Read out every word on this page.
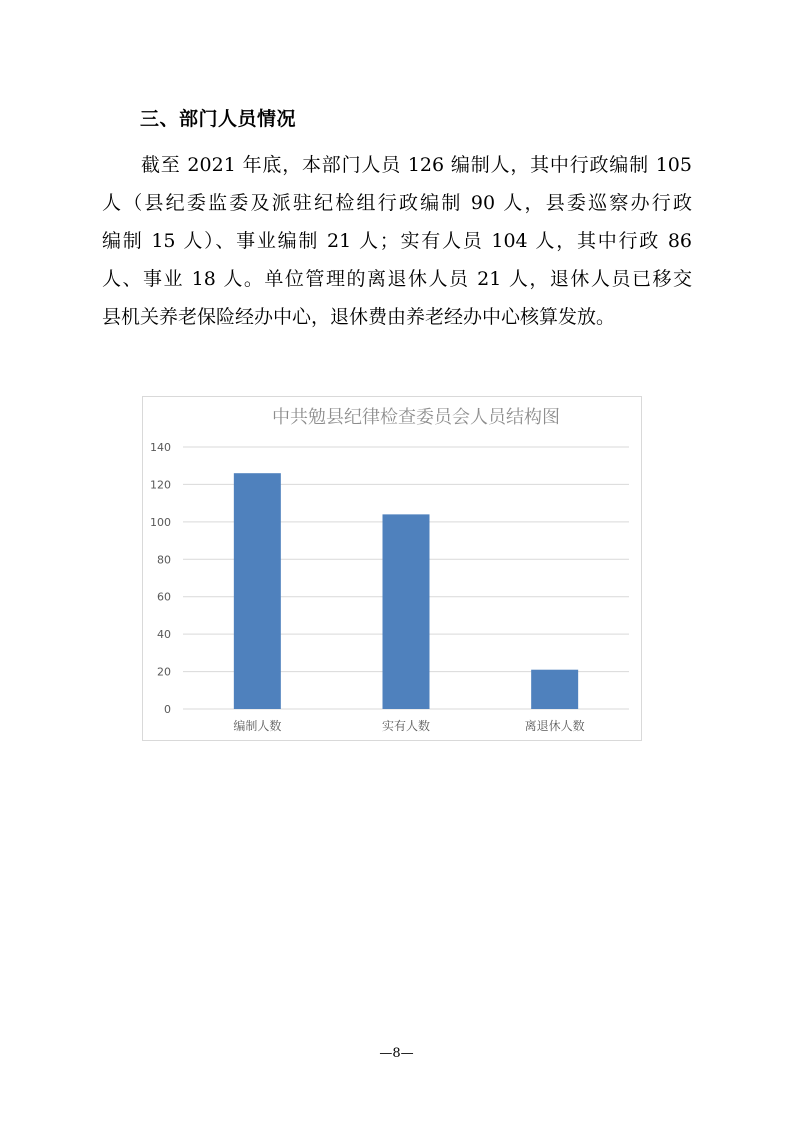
三、部门人员情况
截至 2021 年底，本部门人员 126 编制人，其中行政编制 105
人（县纪委监委及派驻纪检组行政编制 90 人，县委巡察办行政
编制 15 人）、事业编制 21 人；实有人员 104 人，其中行政 86
人、事业 18 人。单位管理的离退休人员 21 人，退休人员已移交
县机关养老保险经办中心，退休费由养老经办中心核算发放。
中共勉县纪律检查委员会人员结构图
0
20
40
60
80
100
120
140
编制人数	实有人数	离退休人数
—8—
